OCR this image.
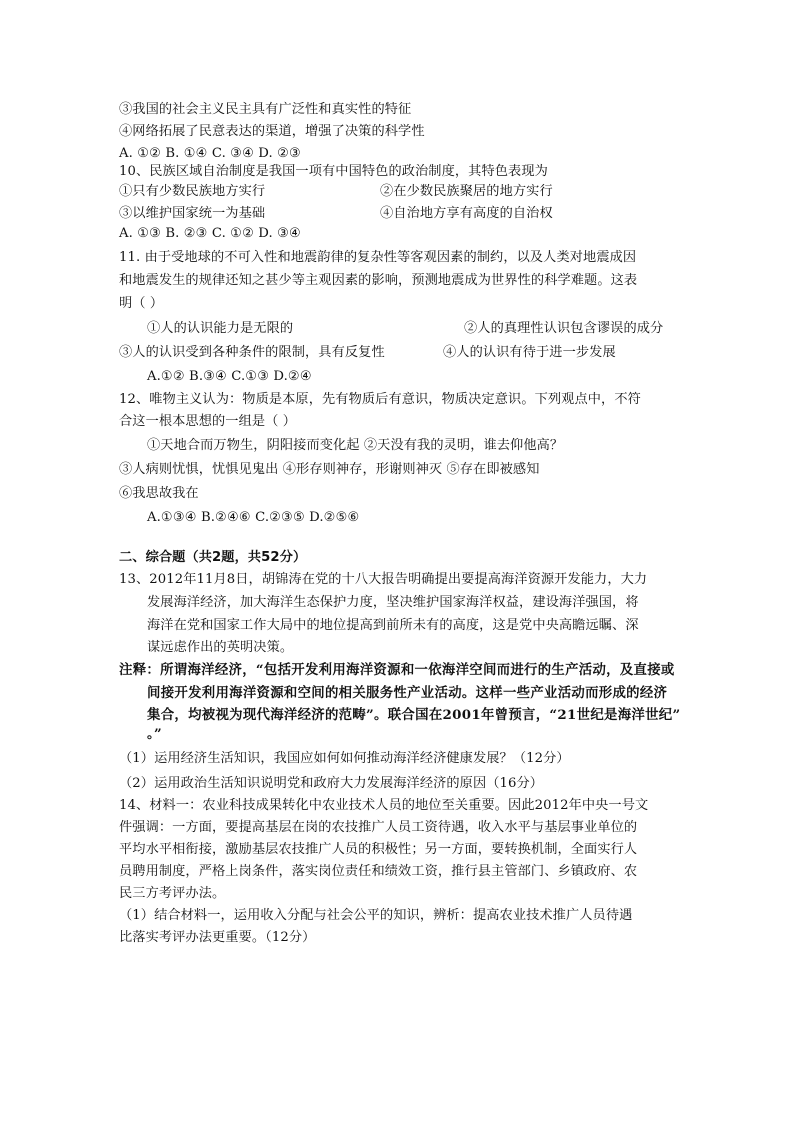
③我国的社会主义民主具有广泛性和真实性的特征
④网络拓展了民意表达的渠道，增强了决策的科学性
A. ①② B. ①④ C. ③④ D. ②③
10、民族区域自治制度是我国一项有中国特色的政治制度，其特色表现为
①只有少数民族地方实行	②在少数民族聚居的地方实行
③以维护国家统一为基础	④自治地方享有高度的自治权
A. ①③ B. ②③ C. ①② D. ③④
11. 由于受地球的不可入性和地震韵律的复杂性等客观因素的制约，以及人类对地震成因
和地震发生的规律还知之甚少等主观因素的影响，预测地震成为世界性的科学难题。这表
明（ ）
①人的认识能力是无限的	②人的真理性认识包含谬误的成分
③人的认识受到各种条件的限制，具有反复性	④人的认识有待于进一步发展
A.①② B.③④ C.①③ D.②④
12、唯物主义认为：物质是本原，先有物质后有意识，物质决定意识。下列观点中，不符
合这一根本思想的一组是（ ）
①天地合而万物生，阴阳接而变化起 ②天没有我的灵明，谁去仰他高？
③人病则忧惧，忧惧见鬼出 ④形存则神存，形谢则神灭 ⑤存在即被感知
⑥我思故我在
A.①③④ B.②④⑥ C.②③⑤ D.②⑤⑥
二、综合题（共2题，共52分）
13、2012年11月8日，胡锦涛在党的十八大报告明确提出要提高海洋资源开发能力，大力
发展海洋经济，加大海洋生态保护力度，坚决维护国家海洋权益，建设海洋强国，将
海洋在党和国家工作大局中的地位提高到前所未有的高度，这是党中央高瞻远瞩、深
谋远虑作出的英明决策。
注释：所谓海洋经济，“包括开发利用海洋资源和一依海洋空间而进行的生产活动，及直接或
间接开发利用海洋资源和空间的相关服务性产业活动。这样一些产业活动而形成的经济
集合，均被视为现代海洋经济的范畴”。联合国在2001年曾预言，“21世纪是海洋世纪”
。”
（1）运用经济生活知识，我国应如何如何推动海洋经济健康发展？（12分）
（2）运用政治生活知识说明党和政府大力发展海洋经济的原因（16分）
14、材料一：农业科技成果转化中农业技术人员的地位至关重要。因此2012年中央一号文
件强调：一方面，要提高基层在岗的农技推广人员工资待遇，收入水平与基层事业单位的
平均水平相衔接，激励基层农技推广人员的积极性；另一方面，要转换机制，全面实行人
员聘用制度，严格上岗条件，落实岗位责任和绩效工资，推行县主管部门、乡镇政府、农
民三方考评办法。
（1）结合材料一，运用收入分配与社会公平的知识，辨析：提高农业技术推广人员待遇
比落实考评办法更重要。（12分）
